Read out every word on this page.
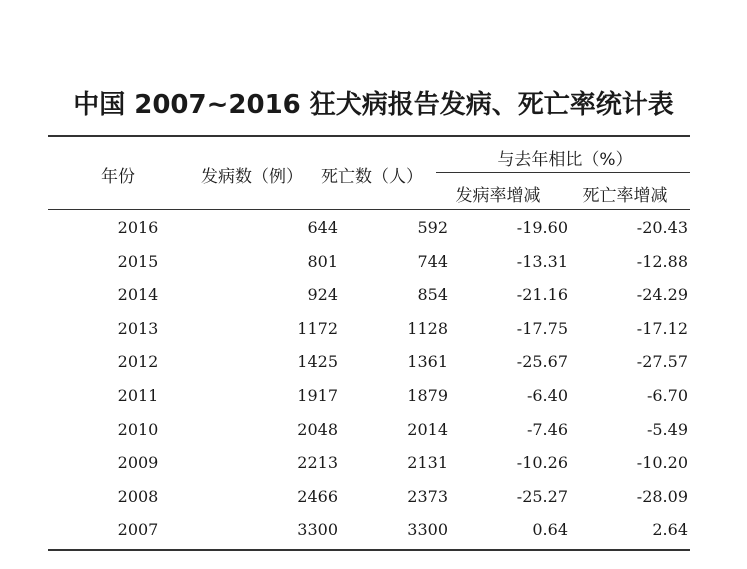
中国 2007~2016 狂犬病报告发病、死亡率统计表
年份	发病数（例）	死亡数（人）
与去年相比（%）
发病率增减	死亡率增减
2016	644	592	-19.60	-20.43
2015	801	744	-13.31	-12.88
2014	924	854	-21.16	-24.29
2013	1172	1128	-17.75	-17.12
2012	1425	1361	-25.67	-27.57
2011	1917	1879	-6.40	-6.70
2010	2048	2014	-7.46	-5.49
2009	2213	2131	-10.26	-10.20
2008	2466	2373	-25.27	-28.09
2007	3300	3300	0.64	2.64
